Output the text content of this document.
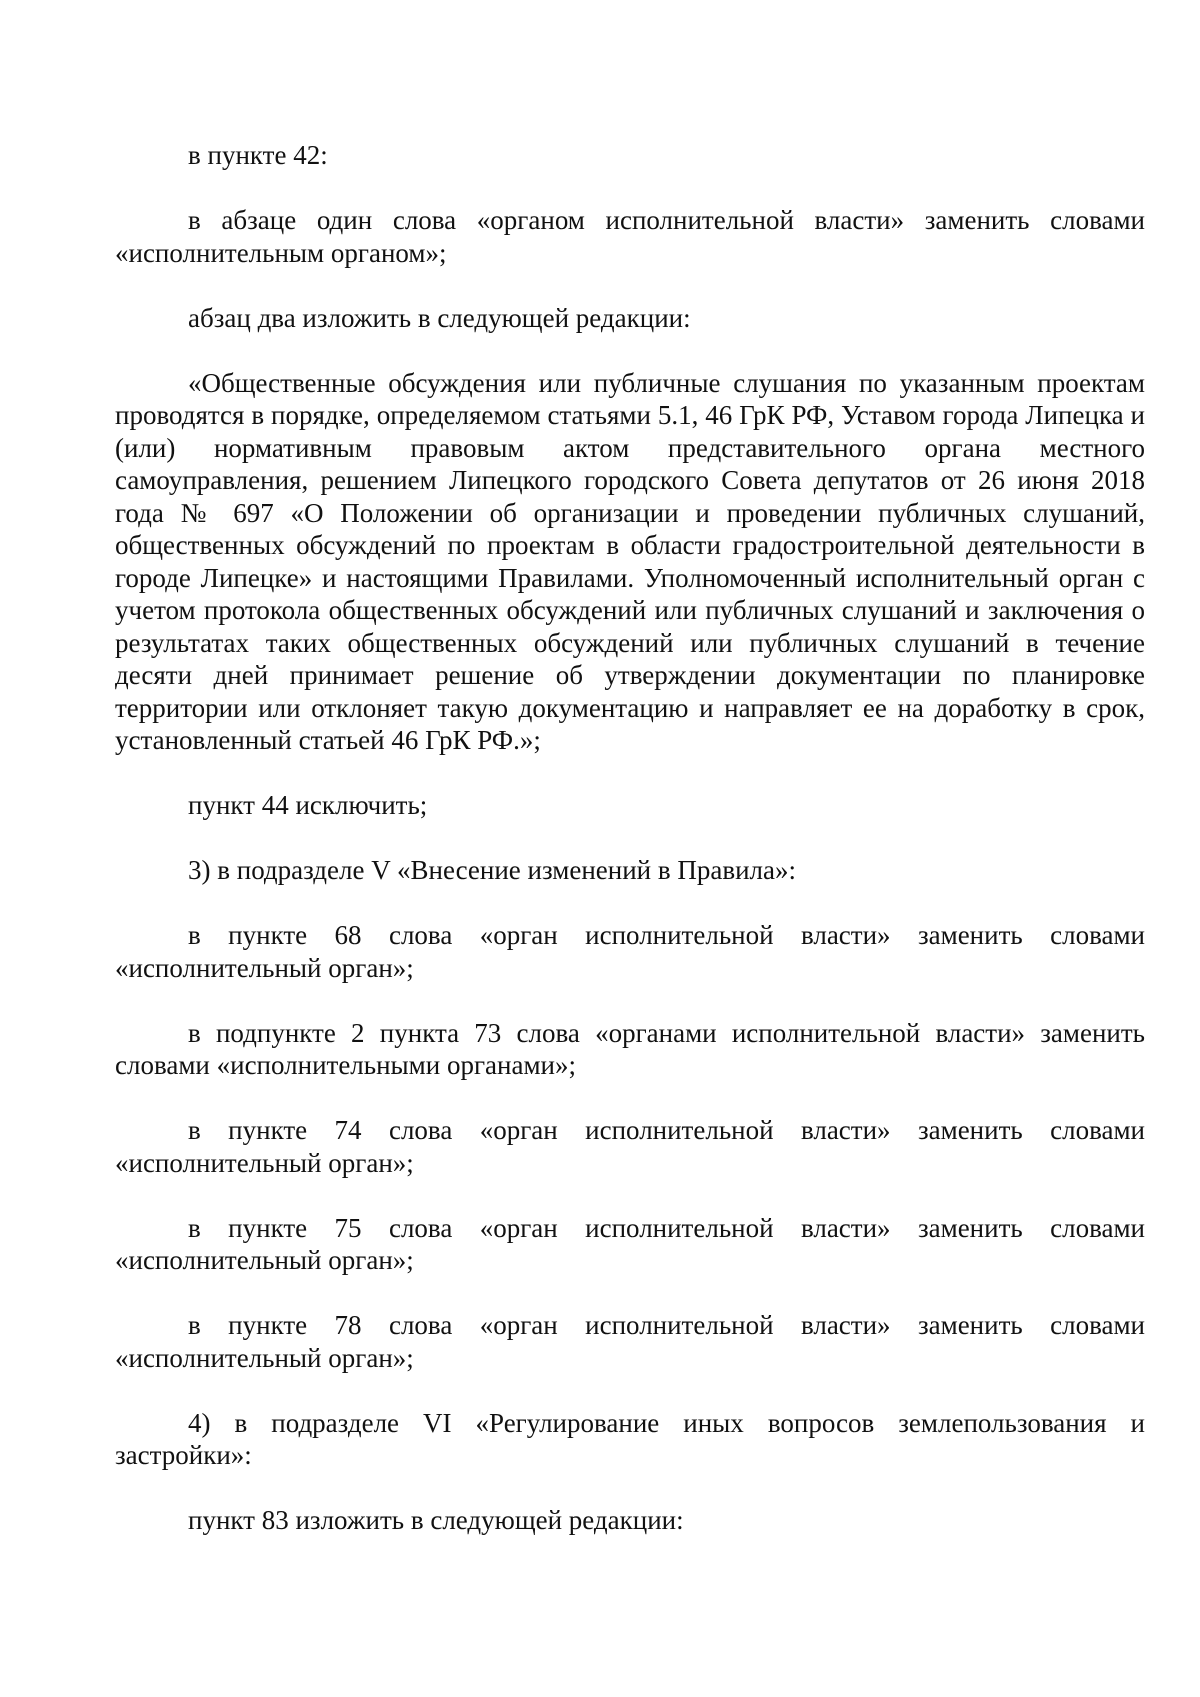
в пункте 42:

в абзаце один слова «органом исполнительной власти» заменить словами «исполнительным органом»;

абзац два изложить в следующей редакции:

«Общественные обсуждения или публичные слушания по указанным проектам проводятся в порядке, определяемом статьями 5.1, 46 ГрК РФ, Уставом города Липецка и (или) нормативным правовым актом представительного органа местного самоуправления, решением Липецкого городского Совета депутатов от 26 июня 2018 года № 697 «О Положении об организации и проведении публичных слушаний, общественных обсуждений по проектам в области градостроительной деятельности в городе Липецке» и настоящими Правилами. Уполномоченный исполнительный орган с учетом протокола общественных обсуждений или публичных слушаний и заключения о результатах таких общественных обсуждений или публичных слушаний в течение десяти дней принимает решение об утверждении документации по планировке территории или отклоняет такую документацию и направляет ее на доработку в срок, установленный статьей 46 ГрК РФ.»;

пункт 44 исключить;

3) в подразделе V «Внесение изменений в Правила»:

в пункте 68 слова «орган исполнительной власти» заменить словами «исполнительный орган»;

в подпункте 2 пункта 73 слова «органами исполнительной власти» заменить словами «исполнительными органами»;

в пункте 74 слова «орган исполнительной власти» заменить словами «исполнительный орган»;

в пункте 75 слова «орган исполнительной власти» заменить словами «исполнительный орган»;

в пункте 78 слова «орган исполнительной власти» заменить словами «исполнительный орган»;

4) в подразделе VI «Регулирование иных вопросов землепользования и застройки»:

пункт 83 изложить в следующей редакции:
